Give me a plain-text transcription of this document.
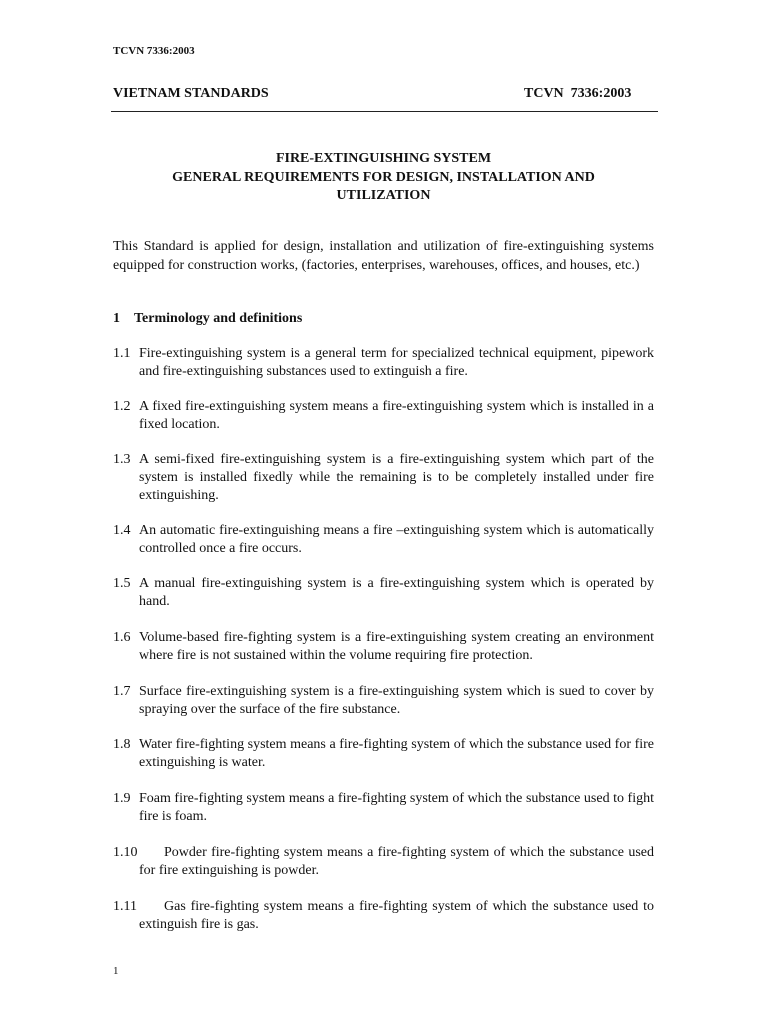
TCVN 7336:2003
VIETNAM STANDARDS	TCVN  7336:2003
FIRE-EXTINGUISHING SYSTEM
GENERAL REQUIREMENTS FOR DESIGN, INSTALLATION AND
UTILIZATION
This Standard is applied for design, installation and utilization of fire-extinguishing systems equipped for construction works, (factories, enterprises, warehouses, offices, and houses, etc.)
1 Terminology and definitions
1.1 Fire-extinguishing system is a general term for specialized technical equipment, pipework and fire-extinguishing substances used to extinguish a fire.
1.2 A fixed fire-extinguishing system means a fire-extinguishing system which is installed in a fixed location.
1.3 A semi-fixed fire-extinguishing system is a fire-extinguishing system which part of the system is installed fixedly while the remaining is to be completely installed under fire extinguishing.
1.4 An automatic fire-extinguishing means a fire –extinguishing system which is automatically controlled once a fire occurs.
1.5 A manual fire-extinguishing system is a fire-extinguishing system which is operated by hand.
1.6 Volume-based fire-fighting system is a fire-extinguishing system creating an environment where fire is not sustained within the volume requiring fire protection.
1.7 Surface fire-extinguishing system is a fire-extinguishing system which is sued to cover by spraying over the surface of the fire substance.
1.8 Water fire-fighting system means a fire-fighting system of which the substance used for fire extinguishing is water.
1.9 Foam fire-fighting system means a fire-fighting system of which the substance used to fight fire is foam.
1.10	Powder fire-fighting system means a fire-fighting system of which the substance used for fire extinguishing is powder.
1.11	Gas fire-fighting system means a fire-fighting system of which the substance used to extinguish fire is gas.
1
